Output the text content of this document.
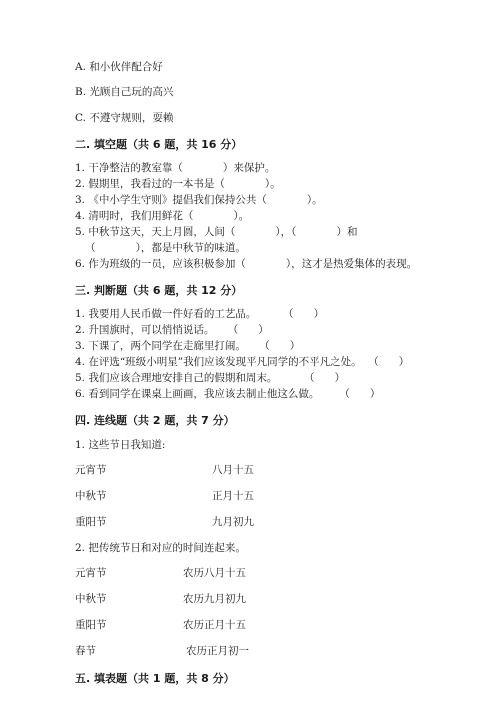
A. 和小伙伴配合好
B. 光顾自己玩的高兴
C. 不遵守规则，耍赖
二. 填空题（共 6 题，共 16 分）
1. 干净整洁的教室靠（            ）来保护。
2. 假期里，我看过的一本书是（            ）。
3. 《中小学生守则》提倡我们保持公共（            ）。
4. 清明时，我们用鲜花（            ）。
5. 中秋节这天，天上月圆，人间（            ），（            ）和
（            ），都是中秋节的味道。
6. 作为班级的一员，应该积极参加（            ），这才是热爱集体的表现。
三. 判断题（共 6 题，共 12 分）
1. 我要用人民币做一件好看的工艺品。        （      ）
2. 升国旗时，可以悄悄说话。    （      ）
3. 下课了，两个同学在走廊里打闹。    （      ）
4. 在评选“班级小明星”我们应该发现平凡同学的不平凡之处。  （      ）
5. 我们应该合理地安排自己的假期和周末。        （      ）
6. 看到同学在课桌上画画，我应该去制止他这么做。      （      ）
四. 连线题（共 2 题，共 7 分）
1. 这些节日我知道:
元宵节	八月十五
中秋节	正月十五
重阳节	九月初九
2. 把传统节日和对应的时间连起来。
元宵节	农历八月十五
中秋节	农历九月初九
重阳节	农历正月十五
春节	农历正月初一
五. 填表题（共 1 题，共 8 分）
